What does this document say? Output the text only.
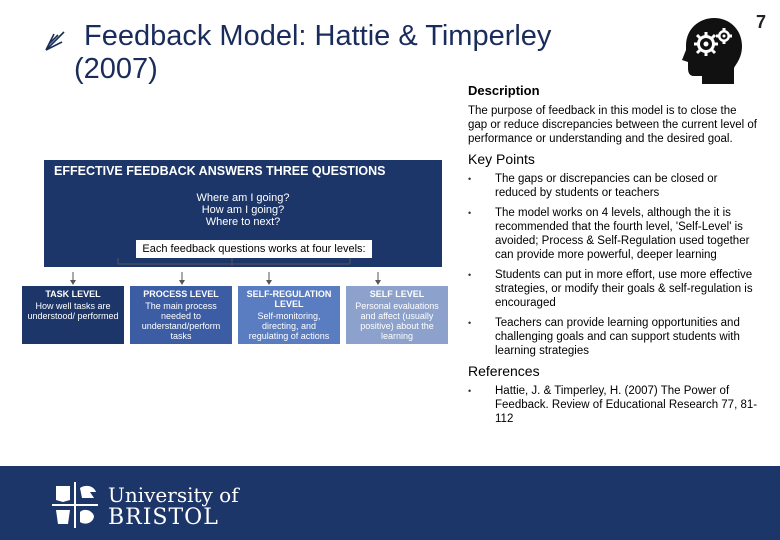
Feedback Model: Hattie & Timperley
(2007)
7
Description

The purpose of feedback in this model is to close the gap or reduce discrepancies between the current level of performance or understanding and the desired goal.

Key Points
• The gaps or discrepancies can be closed or reduced by students or teachers
• The model works on 4 levels, although the it is recommended that the fourth level, 'Self-Level' is avoided; Process & Self-Regulation used together can provide more powerful, deeper learning
• Students can put in more effort, use more effective strategies, or modify their goals & self-regulation is encouraged
• Teachers can provide learning opportunities and challenging goals and can support students with learning strategies
References
• Hattie, J. & Timperley, H. (2007) The Power of Feedback. Review of Educational Research 77, 81-112
EFFECTIVE FEEDBACK ANSWERS THREE QUESTIONS
Where am I going?
How am I going?
Where to next?
Each feedback questions works at four levels:
TASK LEVEL
How well tasks are understood/ performed
PROCESS LEVEL
The main process needed to understand/perform tasks
SELF-REGULATION LEVEL
Self-monitoring, directing, and regulating of actions
SELF LEVEL
Personal evaluations and affect (usually positive) about the learning
University of
BRISTOL
